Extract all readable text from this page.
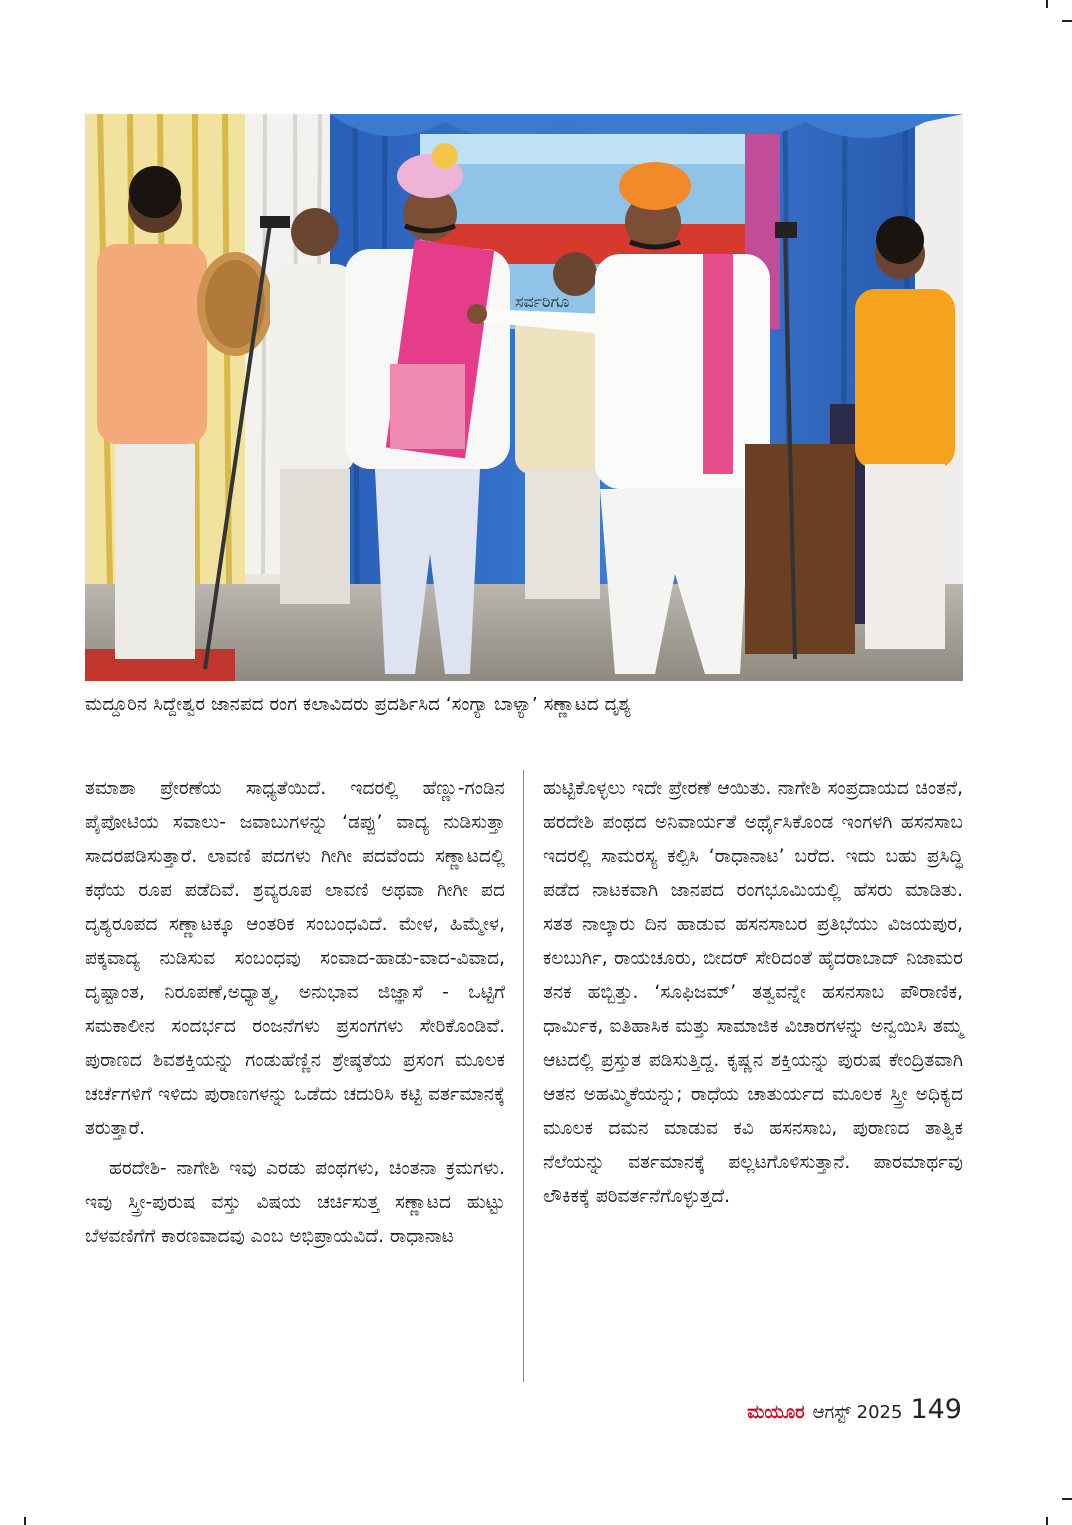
ಸರ್ವರಿಗೂ
ಮದ್ದೂರಿನ ಸಿದ್ದೇಶ್ವರ ಜಾನಪದ ರಂಗ ಕಲಾವಿದರು ಪ್ರದರ್ಶಿಸಿದ ‘ಸಂಗ್ಯಾ ಬಾಳ್ಯಾ’ ಸಣ್ಣಾಟದ ದೃಶ್ಯ

ತಮಾಶಾ ಪ್ರೇರಣೆಯ ಸಾಧ್ಯತೆಯಿದೆ. ಇದರಲ್ಲಿ ಹೆಣ್ಣು-ಗಂಡಿನ ಪೈಪೋಟಿಯ ಸವಾಲು- ಜವಾಬುಗಳನ್ನು ‘ಡಪ್ಪು’ ವಾದ್ಯ ನುಡಿಸುತ್ತಾ ಸಾದರಪಡಿಸುತ್ತಾರೆ. ಲಾವಣಿ ಪದಗಳು ಗೀಗೀ ಪದವೆಂದು ಸಣ್ಣಾಟದಲ್ಲಿ ಕಥೆಯ ರೂಪ ಪಡೆದಿವೆ. ಶ್ರವ್ಯರೂಪ ಲಾವಣಿ ಅಥವಾ ಗೀಗೀ ಪದ ದೃಶ್ಯರೂಪದ ಸಣ್ಣಾಟಕ್ಕೂ ಆಂತರಿಕ ಸಂಬಂಧವಿದೆ. ಮೇಳ, ಹಿಮ್ಮೇಳ, ಪಕ್ಕವಾದ್ಯ ನುಡಿಸುವ ಸಂಬಂಧವು ಸಂವಾದ-ಹಾಡು-ವಾದ-ವಿವಾದ, ದೃಷ್ಟಾಂತ, ನಿರೂಪಣೆ,ಅಧ್ಯಾತ್ಮ, ಅನುಭಾವ ಜಿಜ್ಞಾಸೆ - ಒಟ್ಟಿಗೆ ಸಮಕಾಲೀನ ಸಂದರ್ಭದ ರಂಜನೆಗಳು ಪ್ರಸಂಗಗಳು ಸೇರಿಕೊಂಡಿವೆ. ಪುರಾಣದ ಶಿವಶಕ್ತಿಯನ್ನು ಗಂಡುಹೆಣ್ಣಿನ ಶ್ರೇಷ್ಠತೆಯ ಪ್ರಸಂಗ ಮೂಲಕ ಚರ್ಚೆಗಳಿಗೆ ಇಳಿದು ಪುರಾಣಗಳನ್ನು ಒಡೆದು ಚದುರಿಸಿ ಕಟ್ಟಿ ವರ್ತಮಾನಕ್ಕೆ ತರುತ್ತಾರೆ.

ಹರದೇಶಿ- ನಾಗೇಶಿ ಇವು ಎರಡು ಪಂಥಗಳು, ಚಿಂತನಾ ಕ್ರಮಗಳು. ಇವು ಸ್ತ್ರೀ-ಪುರುಷ ವಸ್ತು ವಿಷಯ ಚರ್ಚಿಸುತ್ತ ಸಣ್ಣಾಟದ ಹುಟ್ಟು ಬೆಳವಣಿಗೆಗೆ ಕಾರಣವಾದವು ಎಂಬ ಅಭಿಪ್ರಾಯವಿದೆ. ರಾಧಾನಾಟ

ಹುಟ್ಟಿಕೊಳ್ಳಲು ಇದೇ ಪ್ರೇರಣೆ ಆಯಿತು. ನಾಗೇಶಿ ಸಂಪ್ರದಾಯದ ಚಿಂತನೆ, ಹರದೇಶಿ ಪಂಥದ ಅನಿವಾರ್ಯತೆ ಅರ್ಥೈಸಿಕೊಂಡ ಇಂಗಳಗಿ ಹಸನಸಾಬ ಇದರಲ್ಲಿ ಸಾಮರಸ್ಯ ಕಲ್ಪಿಸಿ ‘ರಾಧಾನಾಟ’ ಬರೆದ. ಇದು ಬಹು ಪ್ರಸಿದ್ಧಿ ಪಡೆದ ನಾಟಕವಾಗಿ ಜಾನಪದ ರಂಗಭೂಮಿಯಲ್ಲಿ ಹೆಸರು ಮಾಡಿತು. ಸತತ ನಾಲ್ಕಾರು ದಿನ ಹಾಡುವ ಹಸನಸಾಬರ ಪ್ರತಿಭೆಯು ವಿಜಯಪುರ, ಕಲಬುರ್ಗಿ, ರಾಯಚೂರು, ಬೀದರ್ ಸೇರಿದಂತೆ ಹೈದರಾಬಾದ್ ನಿಜಾಮರ ತನಕ ಹಬ್ಬಿತ್ತು. ‘ಸೂಫಿಜಮ್’ ತತ್ವವನ್ನೇ ಹಸನಸಾಬ ಪೌರಾಣಿಕ, ಧಾರ್ಮಿಕ, ಐತಿಹಾಸಿಕ ಮತ್ತು ಸಾಮಾಜಿಕ ವಿಚಾರಗಳನ್ನು ಅನ್ವಯಿಸಿ ತಮ್ಮ ಆಟದಲ್ಲಿ ಪ್ರಸ್ತುತ ಪಡಿಸುತ್ತಿದ್ದ. ಕೃಷ್ಣನ ಶಕ್ತಿಯನ್ನು ಪುರುಷ ಕೇಂದ್ರಿತವಾಗಿ ಆತನ ಅಹಮ್ಮಿಕೆಯನ್ನು; ರಾಧೆಯ ಚಾತುರ್ಯದ ಮೂಲಕ ಸ್ತ್ರೀ ಅಧಿಕ್ಯದ ಮೂಲಕ ದಮನ ಮಾಡುವ ಕವಿ ಹಸನಸಾಬ, ಪುರಾಣದ ತಾತ್ವಿಕ ನೆಲೆಯನ್ನು ವರ್ತಮಾನಕ್ಕೆ ಪಲ್ಲಟಗೊಳಿಸುತ್ತಾನೆ. ಪಾರಮಾರ್ಥವು ಲೌಕಿಕಕ್ಕೆ ಪರಿವರ್ತನೆಗೊಳ್ಳುತ್ತದೆ.

ಮಯೂರ ಆಗಸ್ಟ್ 2025 149
